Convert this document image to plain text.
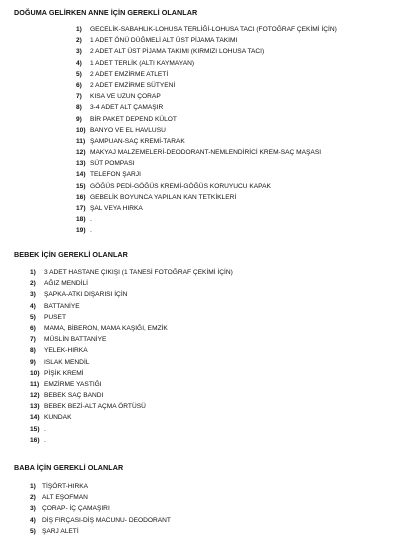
DOĞUMA GELİRKEN ANNE İÇİN GEREKLİ OLANLAR
1) GECELİK-SABAHLIK-LOHUSA TERLİĞİ-LOHUSA TACI (FOTOĞRAF ÇEKİMİ İÇİN)
2) 1 ADET ÖNÜ DÜĞMELİ ALT ÜST PİJAMA TAKIMI
3) 2 ADET ALT ÜST PİJAMA TAKIMI (KIRMIZI LOHUSA TACI)
4) 1 ADET TERLİK (ALTI KAYMAYAN)
5) 2 ADET EMZİRME ATLETİ
6) 2 ADET EMZİRME SÜTYENİ
7) KISA VE UZUN ÇORAP
8) 3-4 ADET ALT ÇAMAŞIR
9) BİR PAKET DEPEND KÜLOT
10) BANYO VE EL HAVLUSU
11) ŞAMPUAN-SAÇ KREMİ-TARAK
12) MAKYAJ MALZEMELERİ-DEODORANT-NEMLENDİRİCİ KREM-SAÇ MAŞASI
13) SÜT POMPASI
14) TELEFON ŞARJI
15) GÖĞÜS PEDİ-GÖĞÜS KREMİ-GÖĞÜS KORUYUCU KAPAK
16) GEBELİK BOYUNCA YAPILAN KAN TETKİKLERİ
17) ŞAL VEYA HIRKA
18) .
19) .
BEBEK İÇİN GEREKLİ OLANLAR
1) 3 ADET HASTANE ÇIKIŞI (1 TANESİ FOTOĞRAF ÇEKİMİ İÇİN)
2) AĞIZ MENDİLİ
3) ŞAPKA-ATKI DIŞARISI İÇİN
4) BATTANİYE
5) PUSET
6) MAMA, BİBERON, MAMA KAŞIĞI, EMZİK
7) MÜSLİN BATTANİYE
8) YELEK-HIRKA
9) ISLAK MENDİL
10) PİŞİK KREMİ
11) EMZİRME YASTIĞI
12) BEBEK SAÇ BANDI
13) BEBEK BEZİ-ALT AÇMA ÖRTÜSÜ
14) KUNDAK
15) .
16) .
BABA İÇİN GEREKLİ OLANLAR
1) TİŞÖRT-HIRKA
2) ALT EŞOFMAN
3) ÇORAP- İÇ ÇAMAŞIRI
4) DİŞ FIRÇASI-DİŞ MACUNU- DEODORANT
5) ŞARJ ALETİ
